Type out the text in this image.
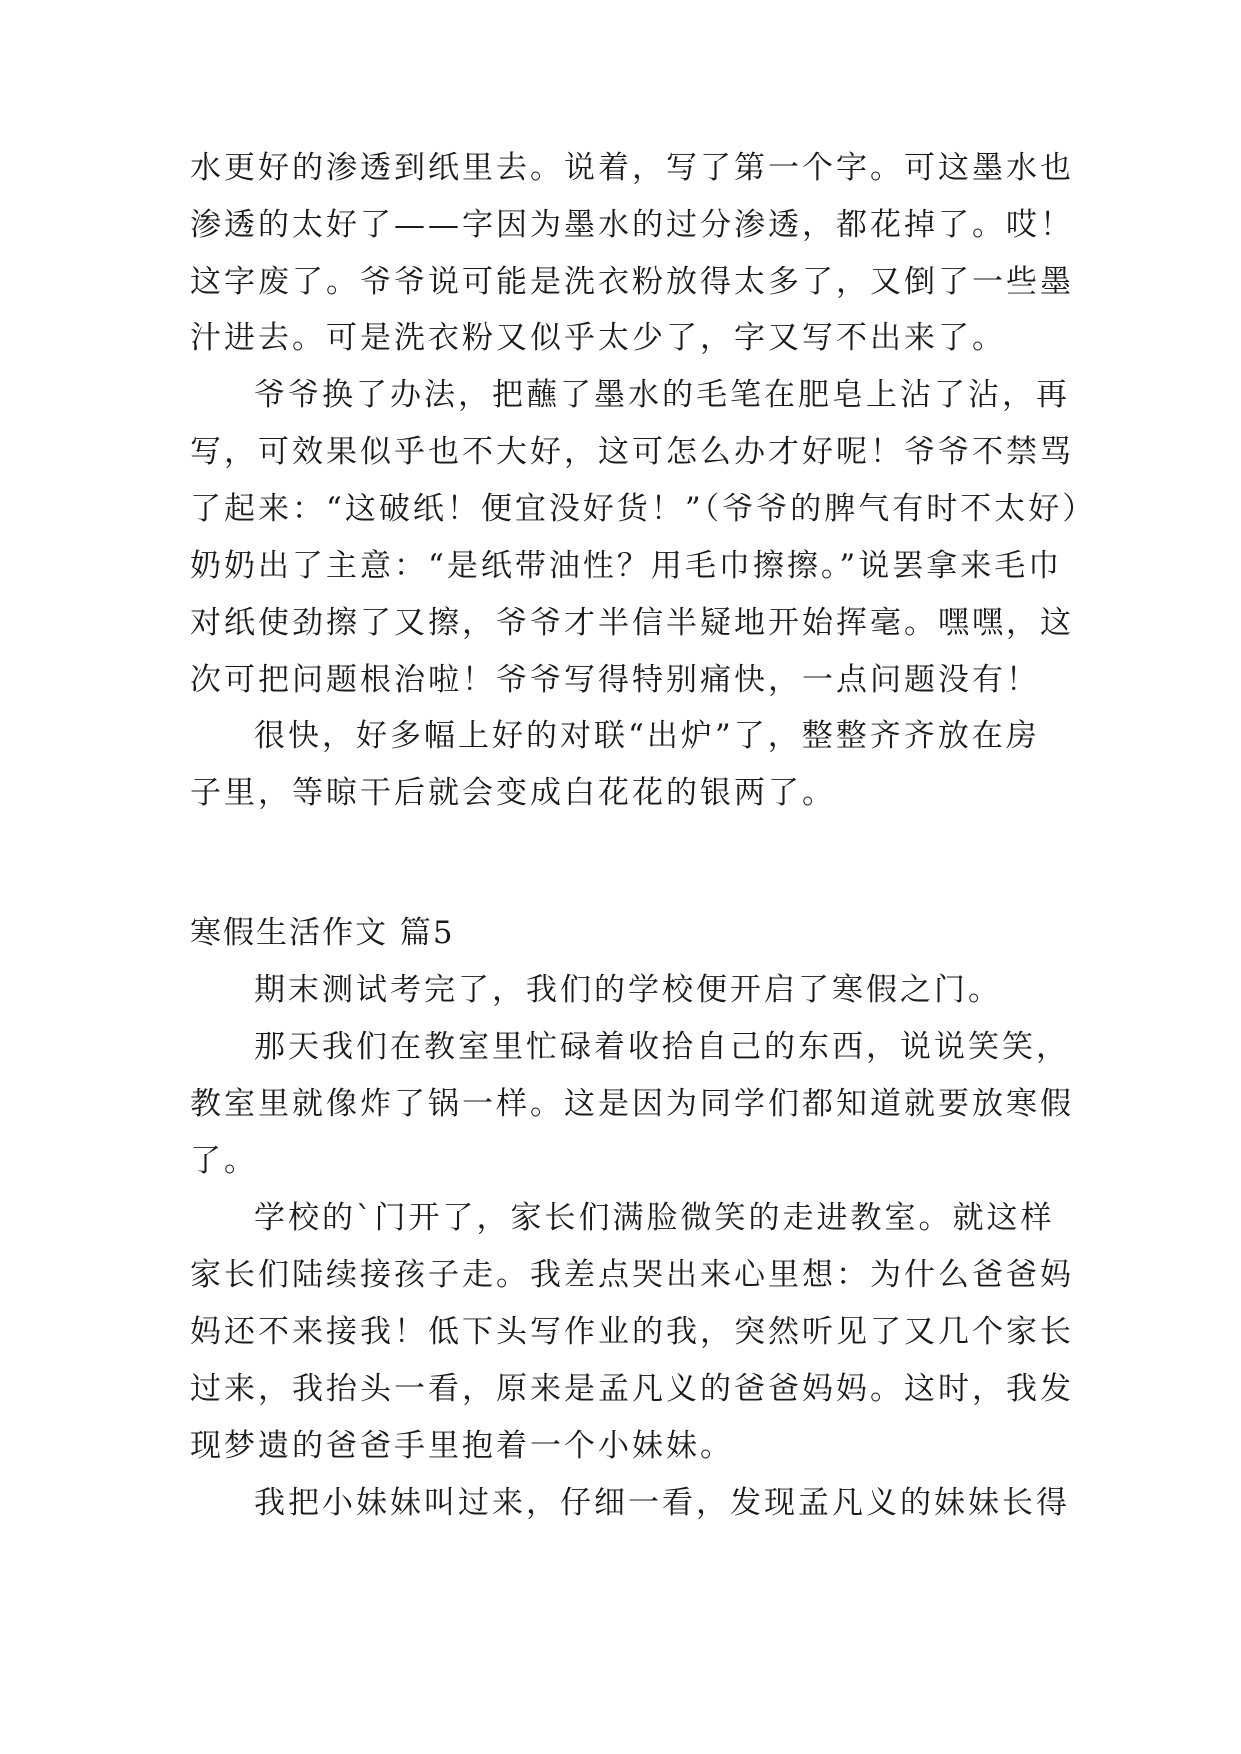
水更好的渗透到纸里去。说着，写了第一个字。可这墨水也
渗透的太好了——字因为墨水的过分渗透，都花掉了。哎！
这字废了。爷爷说可能是洗衣粉放得太多了，又倒了一些墨
汁进去。可是洗衣粉又似乎太少了，字又写不出来了。
爷爷换了办法，把蘸了墨水的毛笔在肥皂上沾了沾，再
写，可效果似乎也不大好，这可怎么办才好呢！爷爷不禁骂
了起来：“这破纸！便宜没好货！”（爷爷的脾气有时不太好）
奶奶出了主意：“是纸带油性？用毛巾擦擦。”说罢拿来毛巾
对纸使劲擦了又擦，爷爷才半信半疑地开始挥毫。嘿嘿，这
次可把问题根治啦！爷爷写得特别痛快，一点问题没有！
很快，好多幅上好的对联“出炉”了，整整齐齐放在房
子里，等晾干后就会变成白花花的银两了。
寒假生活作文 篇5
期末测试考完了，我们的学校便开启了寒假之门。
那天我们在教室里忙碌着收拾自己的东西，说说笑笑，
教室里就像炸了锅一样。这是因为同学们都知道就要放寒假
了。
学校的`门开了，家长们满脸微笑的走进教室。就这样
家长们陆续接孩子走。我差点哭出来心里想：为什么爸爸妈
妈还不来接我！低下头写作业的我，突然听见了又几个家长
过来，我抬头一看，原来是孟凡义的爸爸妈妈。这时，我发
现梦遗的爸爸手里抱着一个小妹妹。
我把小妹妹叫过来，仔细一看，发现孟凡义的妹妹长得
